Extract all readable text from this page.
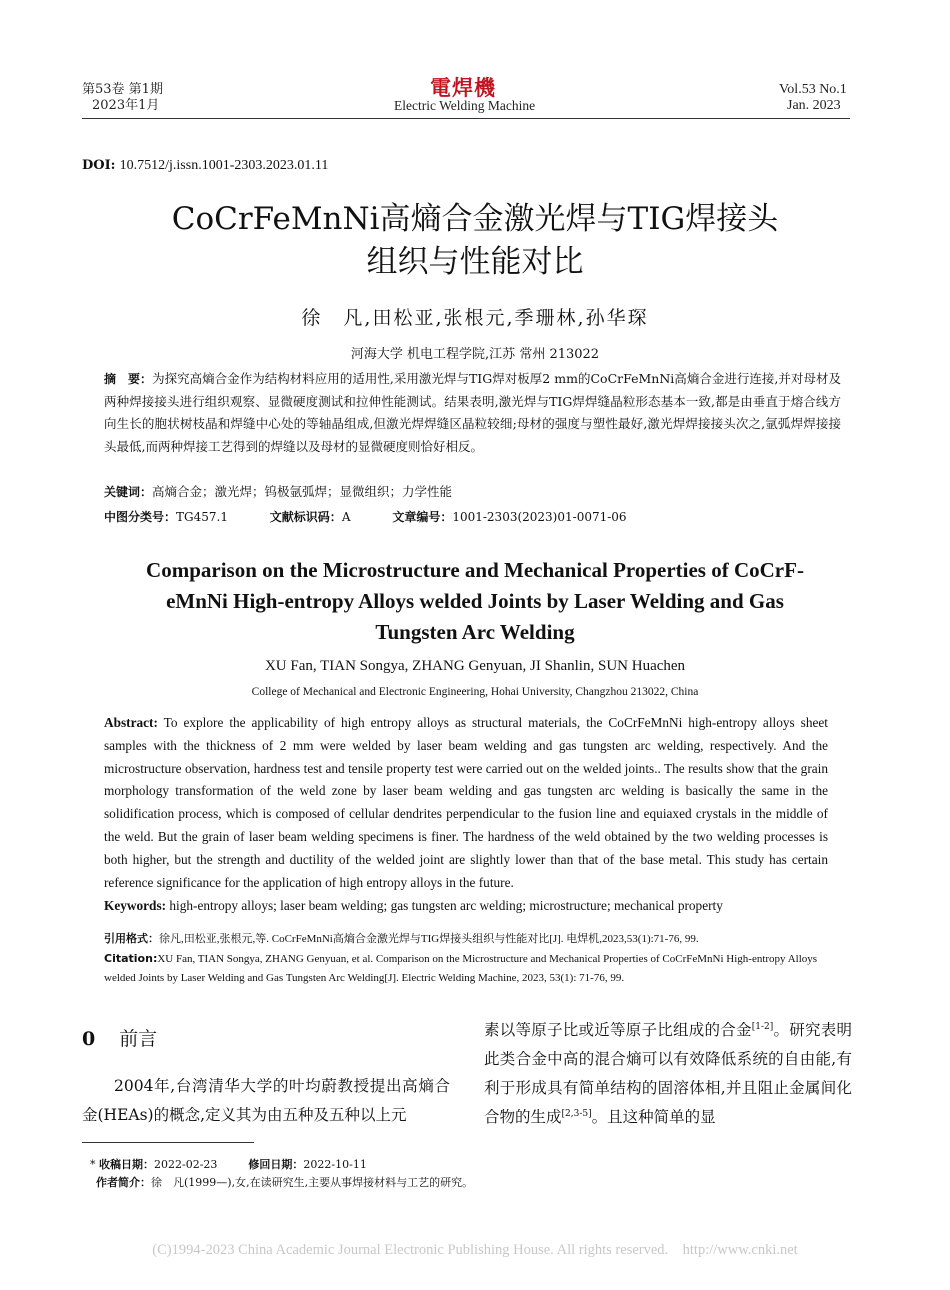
第53卷 第1期
2023年1月
電焊機
Electric Welding Machine
Vol.53 No.1
Jan. 2023
DOI: 10.7512/j.issn.1001-2303.2023.01.11
CoCrFeMnNi高熵合金激光焊与TIG焊接头
组织与性能对比
徐　凡,田松亚,张根元,季珊林,孙华琛
河海大学 机电工程学院,江苏 常州 213022
摘　要：为探究高熵合金作为结构材料应用的适用性,采用激光焊与TIG焊对板厚2 mm的CoCrFeMnNi高熵合金进行连接,并对母材及两种焊接接头进行组织观察、显微硬度测试和拉伸性能测试。结果表明,激光焊与TIG焊焊缝晶粒形态基本一致,都是由垂直于熔合线方向生长的胞状树枝晶和焊缝中心处的等轴晶组成,但激光焊焊缝区晶粒较细;母材的强度与塑性最好,激光焊焊接接头次之,氩弧焊焊接接头最低,而两种焊接工艺得到的焊缝以及母材的显微硬度则恰好相反。
关键词：高熵合金；激光焊；钨极氩弧焊；显微组织；力学性能
中图分类号：TG457.1	文献标识码：A	文章编号：1001-2303(2023)01-0071-06
Comparison on the Microstructure and Mechanical Properties of CoCrF-
eMnNi High-entropy Alloys welded Joints by Laser Welding and Gas
Tungsten Arc Welding
XU Fan, TIAN Songya, ZHANG Genyuan, JI Shanlin, SUN Huachen
College of Mechanical and Electronic Engineering, Hohai University, Changzhou 213022, China
Abstract: To explore the applicability of high entropy alloys as structural materials, the CoCrFeMnNi high-entropy alloys sheet samples with the thickness of 2 mm were welded by laser beam welding and gas tungsten arc welding, respectively. And the microstructure observation, hardness test and tensile property test were carried out on the welded joints.. The results show that the grain morphology transformation of the weld zone by laser beam welding and gas tungsten arc welding is basically the same in the solidification process, which is composed of cellular dendrites perpendicular to the fusion line and equiaxed crystals in the middle of the weld. But the grain of laser beam welding specimens is finer. The hardness of the weld obtained by the two welding processes is both higher, but the strength and ductility of the welded joint are slightly lower than that of the base metal. This study has certain reference significance for the application of high entropy alloys in the future.
Keywords: high-entropy alloys; laser beam welding; gas tungsten arc welding; microstructure; mechanical property
引用格式：徐凡,田松亚,张根元,等. CoCrFeMnNi高熵合金激光焊与TIG焊接头组织与性能对比[J]. 电焊机,2023,53(1):71-76, 99.
Citation:XU Fan, TIAN Songya, ZHANG Genyuan, et al. Comparison on the Microstructure and Mechanical Properties of CoCrFeMnNi High-entropy Alloys welded Joints by Laser Welding and Gas Tungsten Arc Welding[J]. Electric Welding Machine, 2023, 53(1): 71-76, 99.
0 前言
2004年,台湾清华大学的叶均蔚教授提出高熵合金(HEAs)的概念,定义其为由五种及五种以上元
素以等原子比或近等原子比组成的合金[1-2]。研究表明此类合金中高的混合熵可以有效降低系统的自由能,有利于形成具有简单结构的固溶体相,并且阻止金属间化合物的生成[2,3-5]。且这种简单的显
* 收稿日期：2022-02-23	修回日期：2022-10-11
作者简介：徐　凡(1999—),女,在读研究生,主要从事焊接材料与工艺的研究。
(C)1994-2023 China Academic Journal Electronic Publishing House. All rights reserved.    http://www.cnki.net
